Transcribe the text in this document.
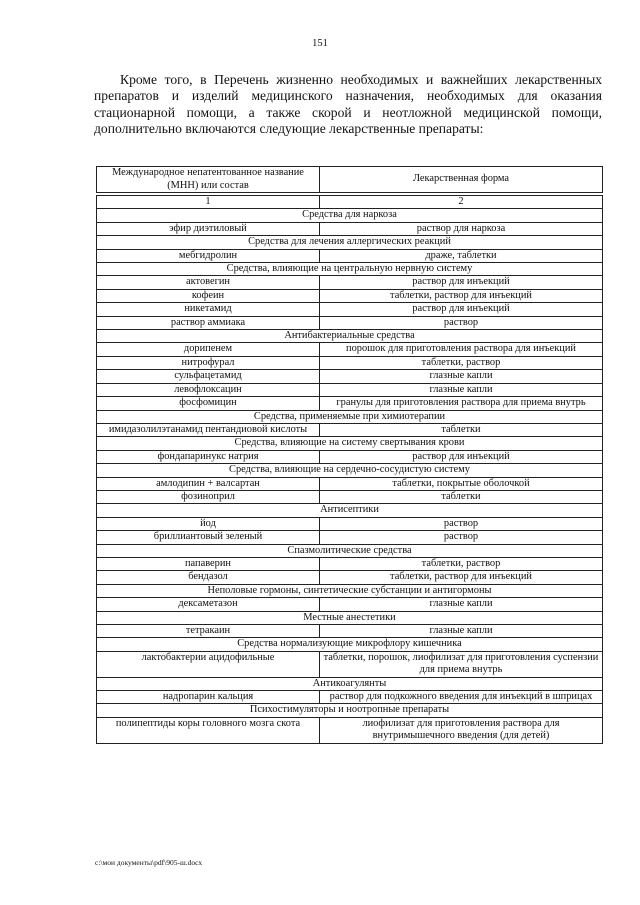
151

Кроме того, в Перечень жизненно необходимых и важнейших лекарственных препаратов и изделий медицинского назначения, необходимых для оказания стационарной помощи, а также скорой и неотложной медицинской помощи, дополнительно включаются следующие лекарственные препараты:

Международное непатентованное название (МНН) или состав	Лекарственная форма

1	2
Средства для наркоза	
эфир диэтиловый	раствор для наркоза
Средства для лечения аллергических реакций	
мебгидролин	драже, таблетки
Средства, влияющие на центральную нервную систему	
актовегин	раствор для инъекций
кофеин	таблетки, раствор для инъекций
никетамид	раствор для инъекций
раствор аммиака	раствор
Антибактериальные средства	
дорипенем	порошок для приготовления раствора для инъекций
нитрофурал	таблетки, раствор
сульфацетамид	глазные капли
левофлоксацин	глазные капли
фосфомицин	гранулы для приготовления раствора для приема внутрь
Средства, применяемые при химиотерапии	
имидазолилэтанамид пентандиовой кислоты	таблетки
Средства, влияющие на систему свертывания крови	
фондапаринукс натрия	раствор для инъекций
Средства, влияющие на сердечно-сосудистую систему	
амлодипин + валсартан	таблетки, покрытые оболочкой
фозиноприл	таблетки
Антисептики	
йод	раствор
бриллиантовый зеленый	раствор
Спазмолитические средства	
папаверин	таблетки, раствор
бендазол	таблетки, раствор для инъекций
Неполовые гормоны, синтетические субстанции и антигормоны	
дексаметазон	глазные капли
Местные анестетики	
тетракаин	глазные капли
Средства нормализующие микрофлору кишечника	
лактобактерии ацидофильные	таблетки, порошок, лиофилизат для приготовления суспензии для приема внутрь
Антикоагулянты	
надропарин кальция	раствор для подкожного введения для инъекций в шприцах
Психостимуляторы и ноотропные препараты	
полипептиды коры головного мозга скота	лиофилизат для приготовления раствора для внутримышечного введения (для детей)
c:\мои документы\pdf\905-ш.docx
